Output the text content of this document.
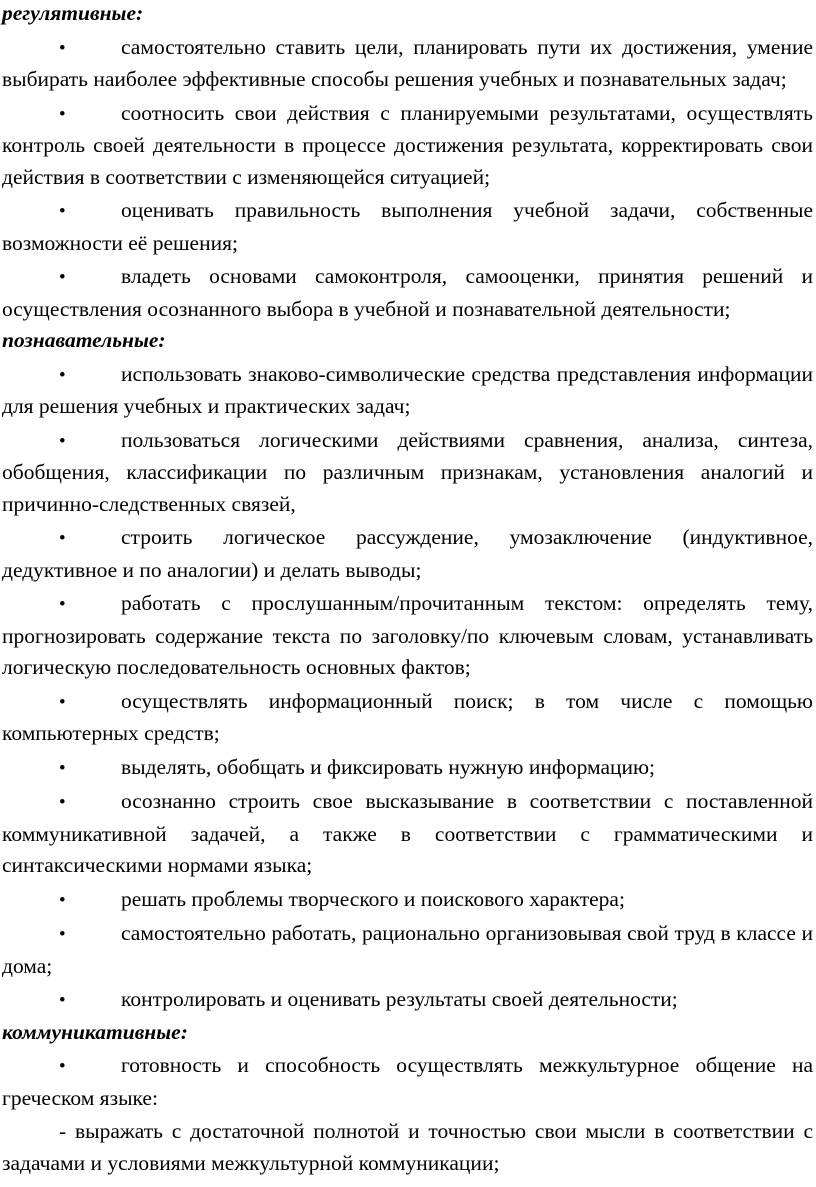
регулятивные:

•	самостоятельно ставить цели, планировать пути их достижения, умение выбирать наиболее эффективные способы решения учебных и познавательных задач;

•	соотносить свои действия с планируемыми результатами, осуществлять контроль своей деятельности в процессе достижения результата, корректировать свои действия в соответствии с изменяющейся ситуацией;

•	оценивать правильность выполнения учебной задачи, собственные возможности её решения;

•	владеть основами самоконтроля, самооценки, принятия решений и осуществления осознанного выбора в учебной и познавательной деятельности;

познавательные:

•	использовать знаково-символические средства представления информации для решения учебных и практических задач;

•	пользоваться логическими действиями сравнения, анализа, синтеза, обобщения, классификации по различным признакам, установления аналогий и причинно-следственных связей,

•	строить логическое рассуждение, умозаключение (индуктивное, дедуктивное и по аналогии) и делать выводы;

•	работать с прослушанным/прочитанным текстом: определять тему, прогнозировать содержание текста по заголовку/по ключевым словам, устанавливать логическую последовательность основных фактов;

•	осуществлять информационный поиск; в том числе с помощью компьютерных средств;

•	выделять, обобщать и фиксировать нужную информацию;

•	осознанно строить свое высказывание в соответствии с поставленной коммуникативной задачей, а также в соответствии с грамматическими и синтаксическими нормами языка;

•	решать проблемы творческого и поискового характера;

•	самостоятельно работать, рационально организовывая свой труд в классе и дома;

•	контролировать и оценивать результаты своей деятельности;

коммуникативные:

•	готовность и способность осуществлять межкультурное общение на греческом языке:

- выражать с достаточной полнотой и точностью свои мысли в соответствии с задачами и условиями межкультурной коммуникации;
